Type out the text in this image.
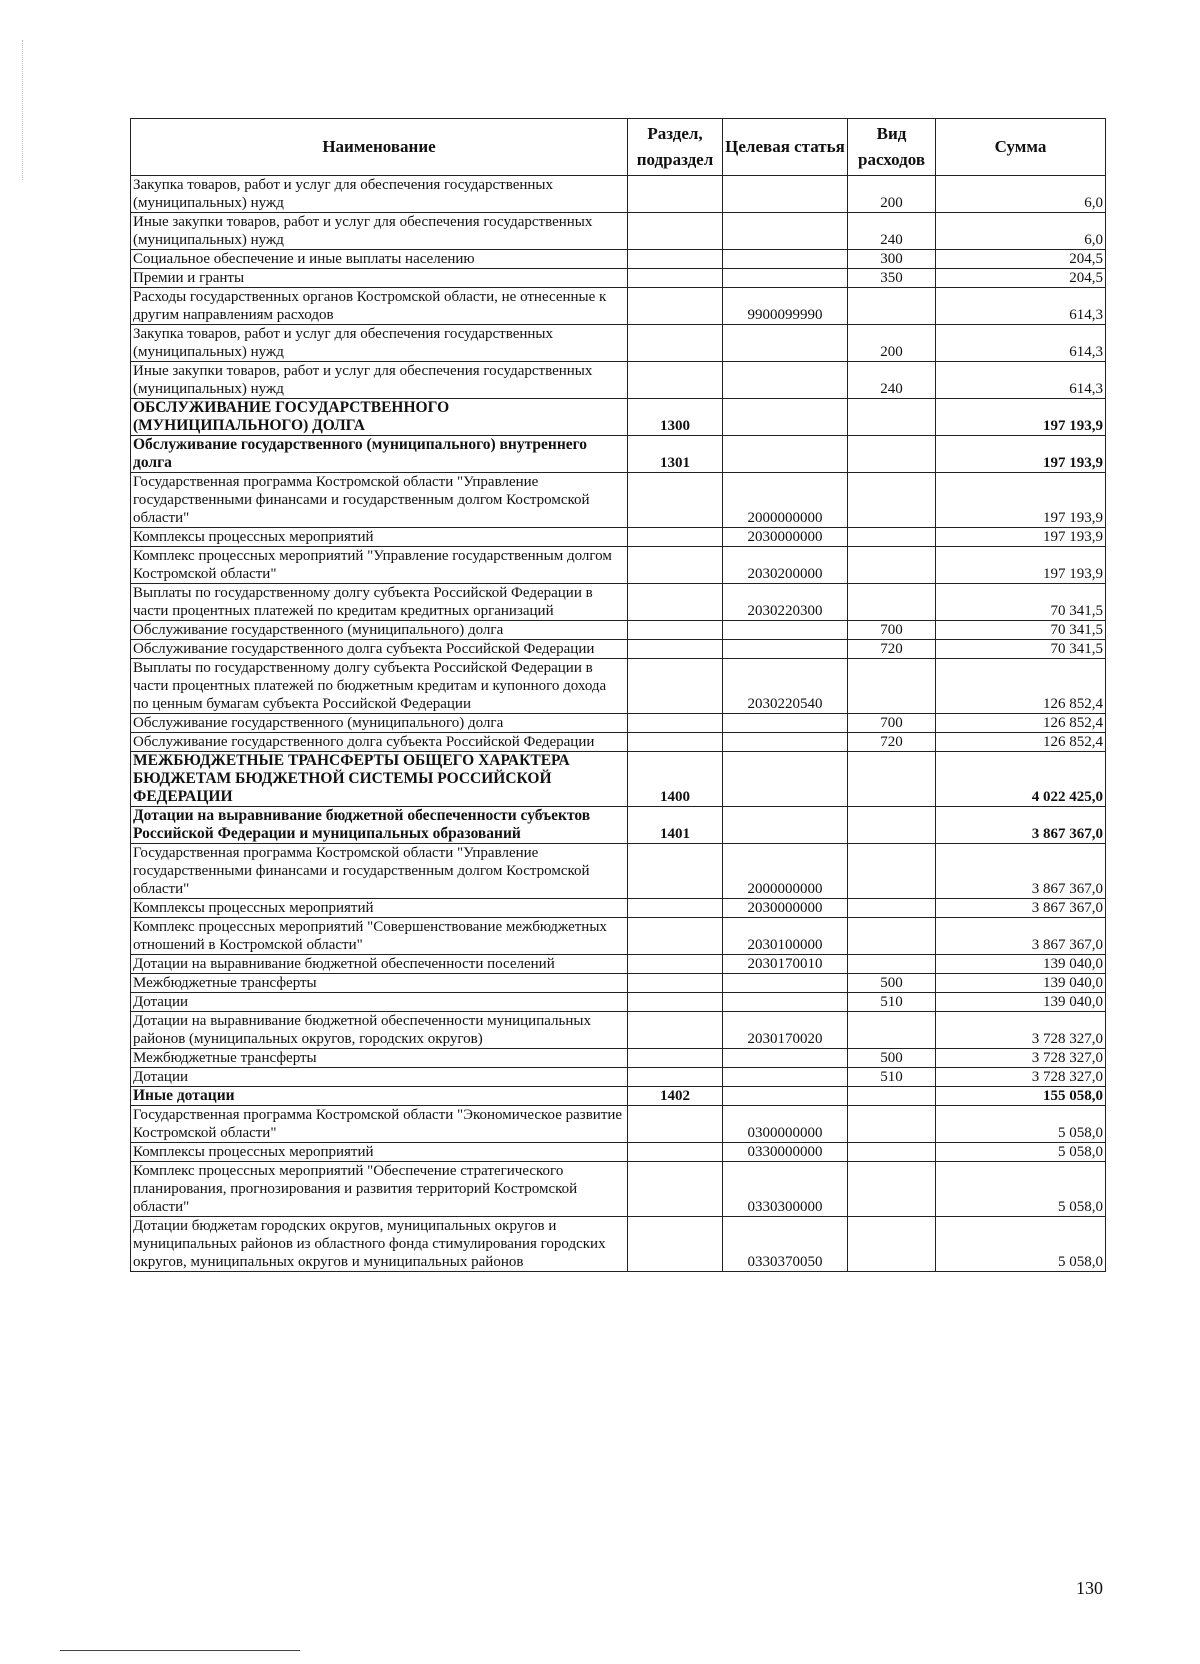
Наименование	Раздел, подраздел	Целевая статья	Вид расходов	Сумма
Закупка товаров, работ и услуг для обеспечения государственных (муниципальных) нужд			200	6,0
Иные закупки товаров, работ и услуг для обеспечения государственных (муниципальных) нужд			240	6,0
Социальное обеспечение и иные выплаты населению			300	204,5
Премии и гранты			350	204,5
Расходы государственных органов Костромской области, не отнесенные к другим направлениям расходов		9900099990		614,3
Закупка товаров, работ и услуг для обеспечения государственных (муниципальных) нужд			200	614,3
Иные закупки товаров, работ и услуг для обеспечения государственных (муниципальных) нужд			240	614,3
ОБСЛУЖИВАНИЕ ГОСУДАРСТВЕННОГО (МУНИЦИПАЛЬНОГО) ДОЛГА	1300			197 193,9
Обслуживание государственного (муниципального) внутреннего долга	1301			197 193,9
Государственная программа Костромской области "Управление государственными финансами и государственным долгом Костромской области"		2000000000		197 193,9
Комплексы процессных мероприятий		2030000000		197 193,9
Комплекс процессных мероприятий "Управление государственным долгом Костромской области"		2030200000		197 193,9
Выплаты по государственному долгу субъекта Российской Федерации в части процентных платежей по кредитам кредитных организаций		2030220300		70 341,5
Обслуживание государственного (муниципального) долга			700	70 341,5
Обслуживание государственного долга субъекта Российской Федерации			720	70 341,5
Выплаты по государственному долгу субъекта Российской Федерации в части процентных платежей по бюджетным кредитам и купонного дохода по ценным бумагам субъекта Российской Федерации		2030220540		126 852,4
Обслуживание государственного (муниципального) долга			700	126 852,4
Обслуживание государственного долга субъекта Российской Федерации			720	126 852,4
МЕЖБЮДЖЕТНЫЕ ТРАНСФЕРТЫ ОБЩЕГО ХАРАКТЕРА БЮДЖЕТАМ БЮДЖЕТНОЙ СИСТЕМЫ РОССИЙСКОЙ ФЕДЕРАЦИИ	1400			4 022 425,0
Дотации на выравнивание бюджетной обеспеченности субъектов Российской Федерации и муниципальных образований	1401			3 867 367,0
Государственная программа Костромской области "Управление государственными финансами и государственным долгом Костромской области"		2000000000		3 867 367,0
Комплексы процессных мероприятий		2030000000		3 867 367,0
Комплекс процессных мероприятий "Совершенствование межбюджетных отношений в Костромской области"		2030100000		3 867 367,0
Дотации на выравнивание бюджетной обеспеченности поселений		2030170010		139 040,0
Межбюджетные трансферты			500	139 040,0
Дотации			510	139 040,0
Дотации на выравнивание бюджетной обеспеченности муниципальных районов (муниципальных округов, городских округов)		2030170020		3 728 327,0
Межбюджетные трансферты			500	3 728 327,0
Дотации			510	3 728 327,0
Иные дотации	1402			155 058,0
Государственная программа Костромской области "Экономическое развитие Костромской области"		0300000000		5 058,0
Комплексы процессных мероприятий		0330000000		5 058,0
Комплекс процессных мероприятий "Обеспечение стратегического планирования, прогнозирования и развития территорий Костромской области"		0330300000		5 058,0
Дотации бюджетам городских округов, муниципальных округов и муниципальных районов из областного фонда стимулирования городских округов, муниципальных округов и муниципальных районов		0330370050		5 058,0
130
